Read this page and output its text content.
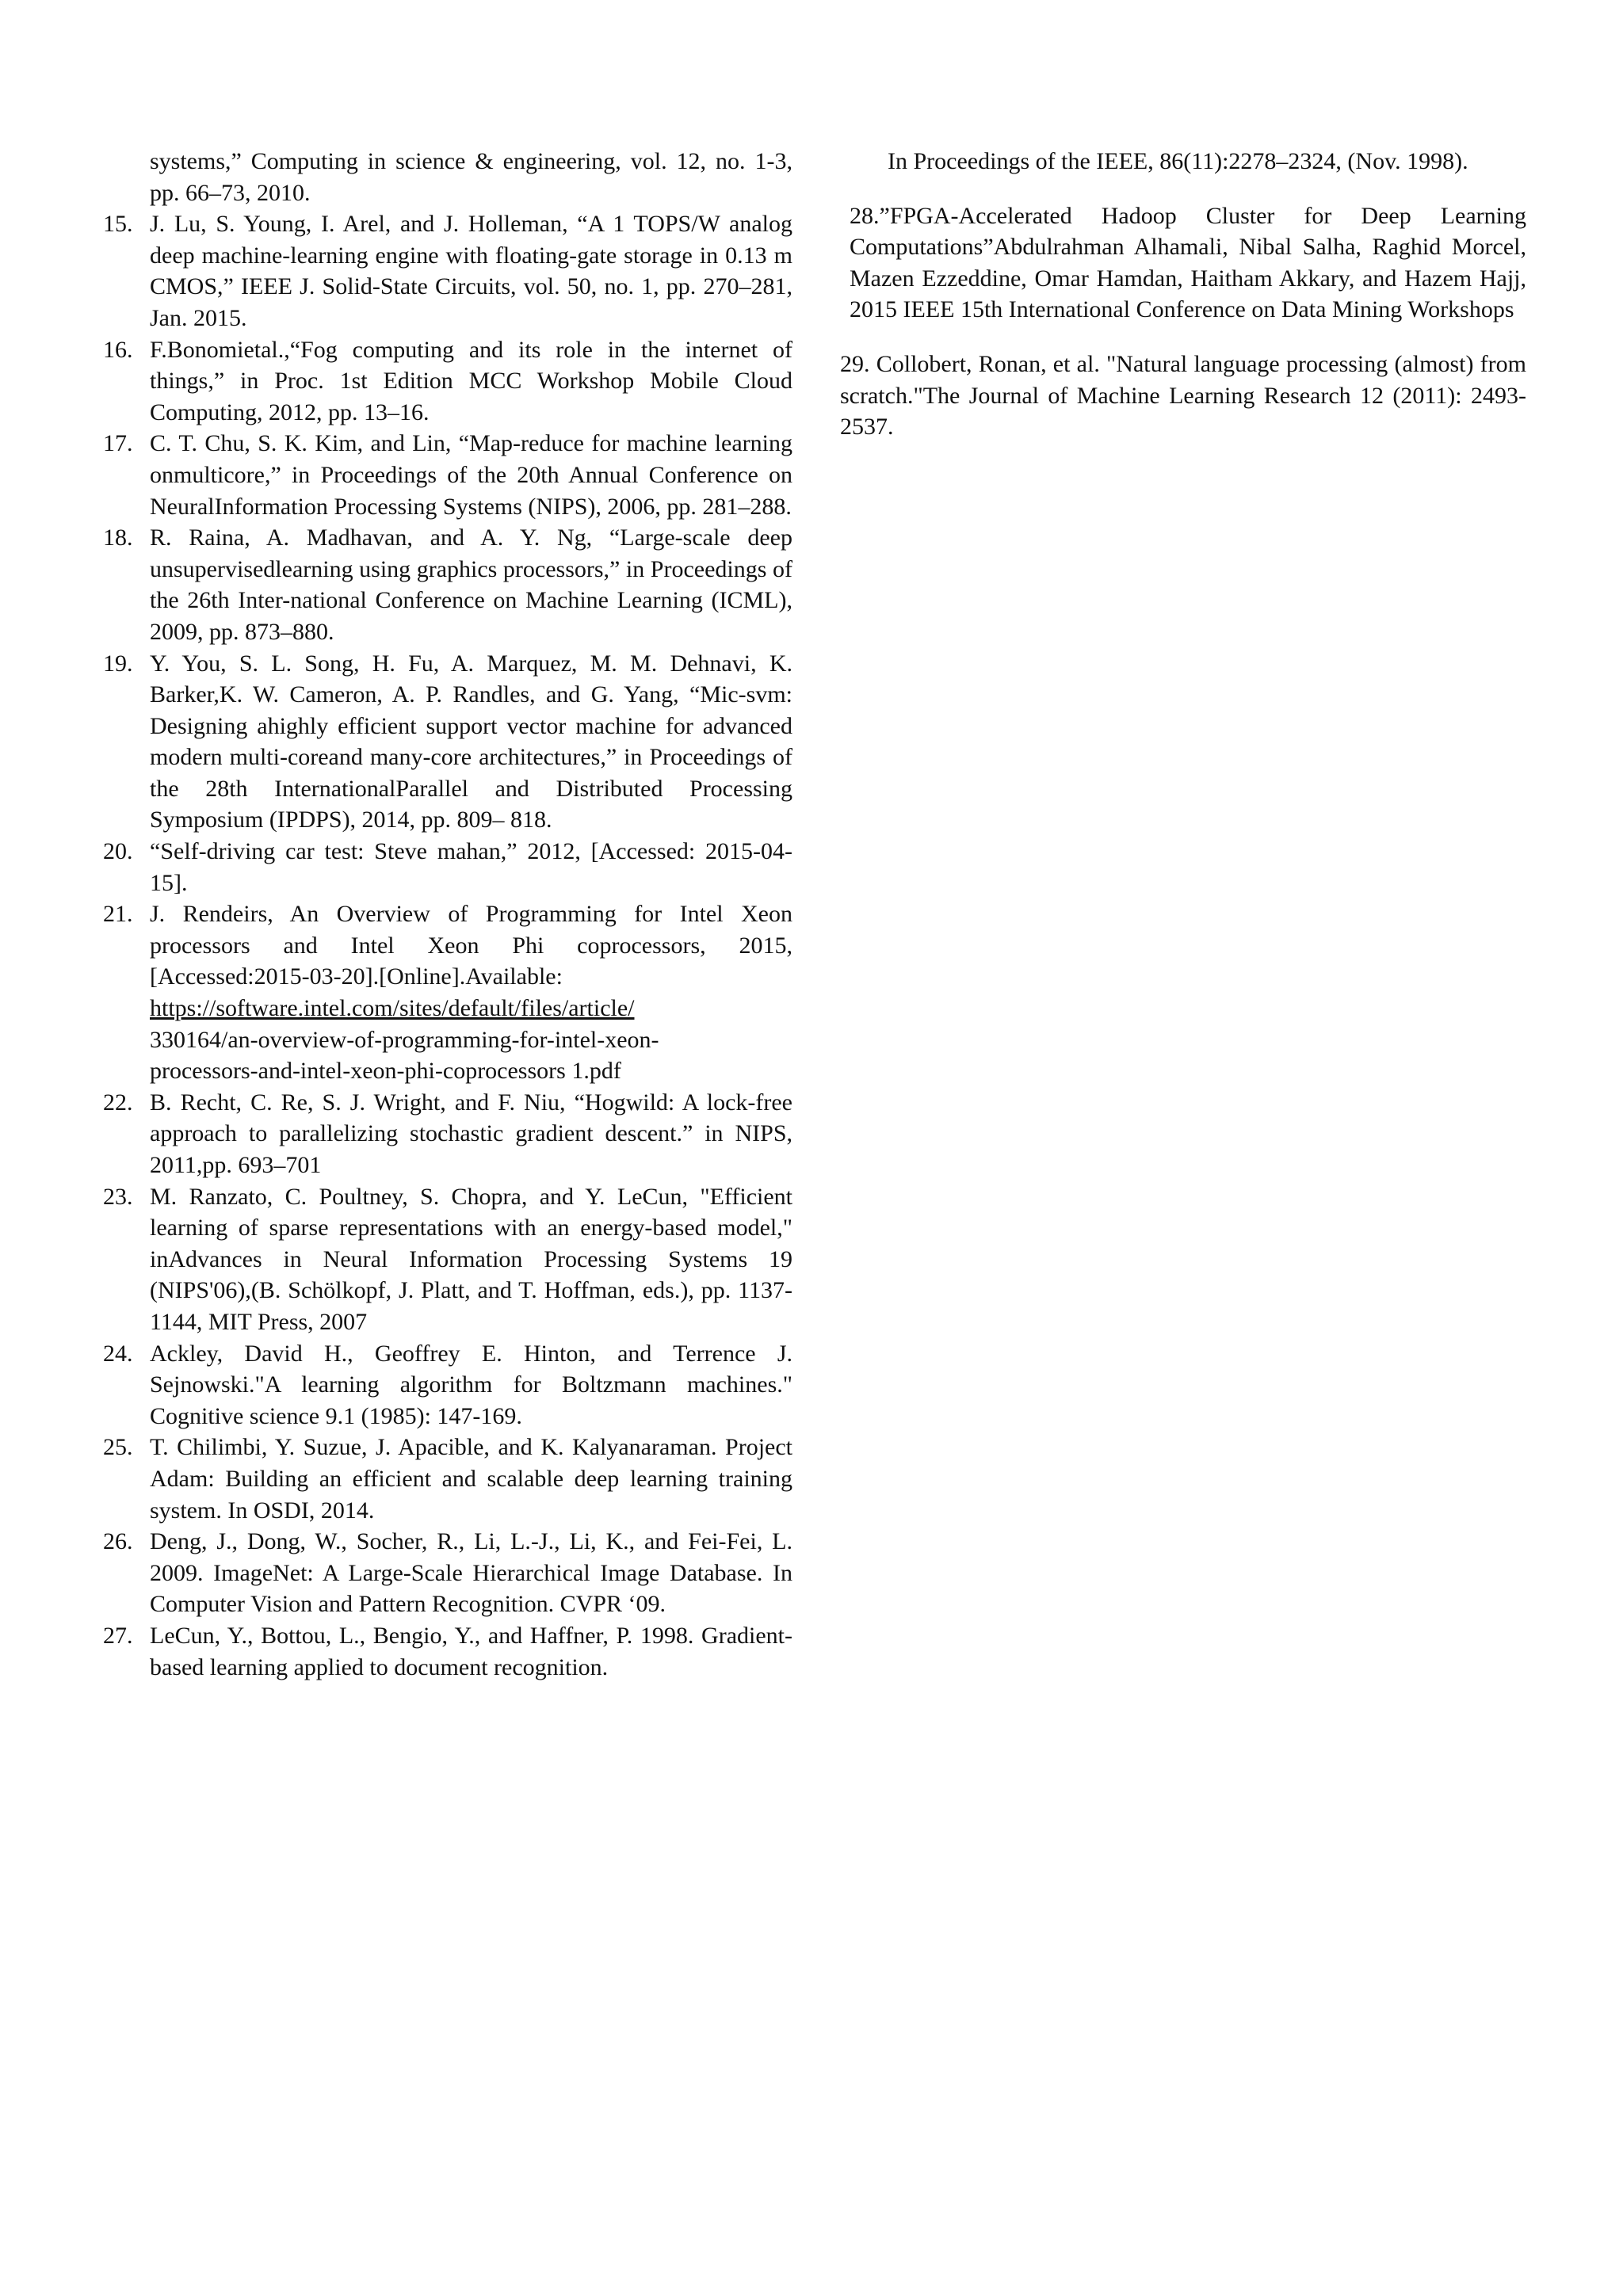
systems,” Computing in science & engineering, vol. 12, no. 1-3, pp. 66–73, 2010.
15. J. Lu, S. Young, I. Arel, and J. Holleman, “A 1 TOPS/W analog deep machine-learning engine with floating-gate storage in 0.13 m CMOS,” IEEE J. Solid-State Circuits, vol. 50, no. 1, pp. 270–281, Jan. 2015.
16. F.Bonomietal.,“Fog computing and its role in the internet of things,” in Proc. 1st Edition MCC Workshop Mobile Cloud Computing, 2012, pp. 13–16.
17. C. T. Chu, S. K. Kim, and Lin, “Map-reduce for machine learning onmulticore,” in Proceedings of the 20th Annual Conference on NeuralInformation Processing Systems (NIPS), 2006, pp. 281–288.
18. R. Raina, A. Madhavan, and A. Y. Ng, “Large-scale deep unsupervisedlearning using graphics processors,” in Proceedings of the 26th Inter-national Conference on Machine Learning (ICML), 2009, pp. 873–880.
19. Y. You, S. L. Song, H. Fu, A. Marquez, M. M. Dehnavi, K. Barker,K. W. Cameron, A. P. Randles, and G. Yang, “Mic-svm: Designing ahighly efficient support vector machine for advanced modern multi-coreand many-core architectures,” in Proceedings of the 28th InternationalParallel and Distributed Processing Symposium (IPDPS), 2014, pp. 809– 818.
20. “Self-driving car test: Steve mahan,” 2012, [Accessed: 2015-04-15].
21. J. Rendeirs, An Overview of Programming for Intel Xeon processors and Intel Xeon Phi coprocessors, 2015, [Accessed:2015-03-20].[Online].Available:
https://software.intel.com/sites/default/files/article/
330164/an-overview-of-programming-for-intel-xeon-
processors-and-intel-xeon-phi-coprocessors 1.pdf
22. B. Recht, C. Re, S. J. Wright, and F. Niu, “Hogwild: A lock-free approach to parallelizing stochastic gradient descent.” in NIPS, 2011,pp. 693–701
23. M. Ranzato, C. Poultney, S. Chopra, and Y. LeCun, "Efficient learning of sparse representations with an energy-based model," inAdvances in Neural Information Processing Systems 19 (NIPS'06),(B. Schölkopf, J. Platt, and T. Hoffman, eds.), pp. 1137-1144, MIT Press, 2007
24. Ackley, David H., Geoffrey E. Hinton, and Terrence J. Sejnowski."A learning algorithm for Boltzmann machines." Cognitive science 9.1 (1985): 147-169.
25. T. Chilimbi, Y. Suzue, J. Apacible, and K. Kalyanaraman. Project Adam: Building an efficient and scalable deep learning training system. In OSDI, 2014.
26. Deng, J., Dong, W., Socher, R., Li, L.-J., Li, K., and Fei-Fei, L. 2009. ImageNet: A Large-Scale Hierarchical Image Database. In Computer Vision and Pattern Recognition. CVPR ‘09.
27. LeCun, Y., Bottou, L., Bengio, Y., and Haffner, P. 1998. Gradient-based learning applied to document recognition.
In Proceedings of the IEEE, 86(11):2278–2324, (Nov. 1998).
28.”FPGA-Accelerated Hadoop Cluster for Deep Learning Computations”Abdulrahman Alhamali, Nibal Salha, Raghid Morcel, Mazen Ezzeddine, Omar Hamdan, Haitham Akkary, and Hazem Hajj, 2015 IEEE 15th International Conference on Data Mining Workshops
29. Collobert, Ronan, et al. "Natural language processing (almost) from scratch."The Journal of Machine Learning Research 12 (2011): 2493- 2537.
